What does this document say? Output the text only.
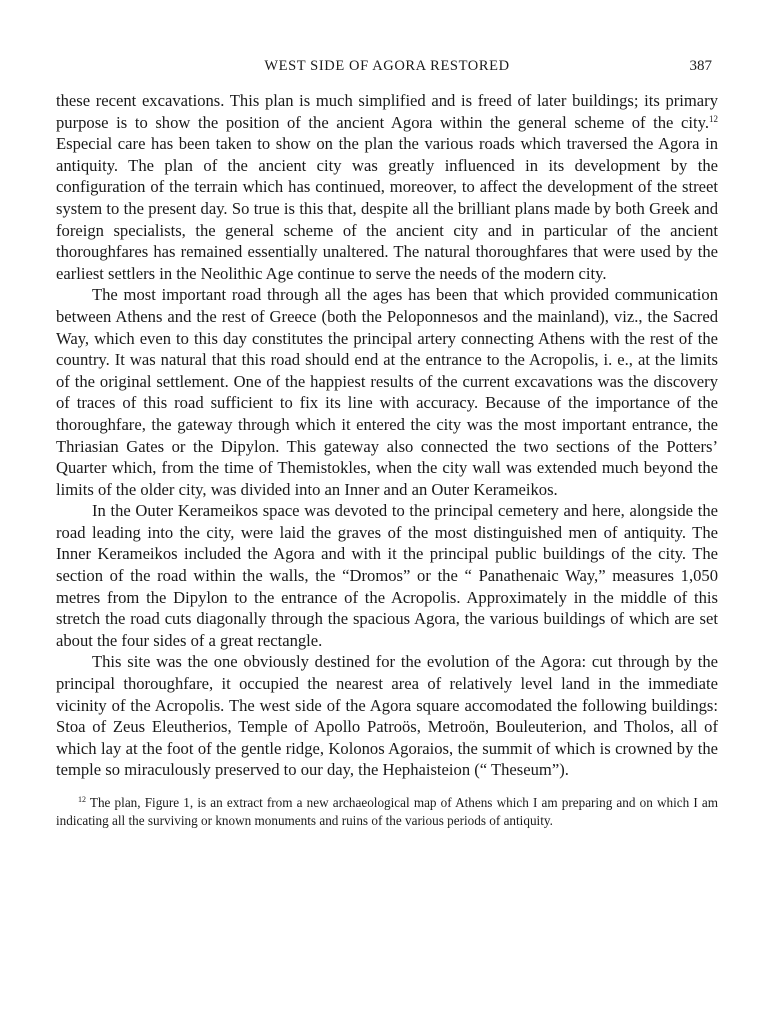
WEST SIDE OF AGORA RESTORED	387

these recent excavations. This plan is much simplified and is freed of later buildings; its primary purpose is to show the position of the ancient Agora within the general scheme of the city.$^{12}$ Especial care has been taken to show on the plan the various roads which traversed the Agora in antiquity. The plan of the ancient city was greatly influenced in its development by the configuration of the terrain which has continued, moreover, to affect the development of the street system to the present day. So true is this that, despite all the brilliant plans made by both Greek and foreign specialists, the general scheme of the ancient city and in particular of the ancient thoroughfares has remained essentially unaltered. The natural thoroughfares that were used by the earliest settlers in the Neolithic Age continue to serve the needs of the modern city.

The most important road through all the ages has been that which provided communication between Athens and the rest of Greece (both the Peloponnesos and the mainland), viz., the Sacred Way, which even to this day constitutes the principal artery connecting Athens with the rest of the country. It was natural that this road should end at the entrance to the Acropolis, i. e., at the limits of the original settlement. One of the happiest results of the current excavations was the discovery of traces of this road sufficient to fix its line with accuracy. Because of the importance of the thoroughfare, the gateway through which it entered the city was the most important entrance, the Thriasian Gates or the Dipylon. This gateway also connected the two sections of the Potters’ Quarter which, from the time of Themistokles, when the city wall was extended much beyond the limits of the older city, was divided into an Inner and an Outer Kerameikos.

In the Outer Kerameikos space was devoted to the principal cemetery and here, alongside the road leading into the city, were laid the graves of the most distinguished men of antiquity. The Inner Kerameikos included the Agora and with it the principal public buildings of the city. The section of the road within the walls, the “Dromos” or the “ Panathenaic Way,” measures 1,050 metres from the Dipylon to the entrance of the Acropolis. Approximately in the middle of this stretch the road cuts diagonally through the spacious Agora, the various buildings of which are set about the four sides of a great rectangle.

This site was the one obviously destined for the evolution of the Agora: cut through by the principal thoroughfare, it occupied the nearest area of relatively level land in the immediate vicinity of the Acropolis. The west side of the Agora square accomodated the following buildings: Stoa of Zeus Eleutherios, Temple of Apollo Patroös, Metroön, Bouleuterion, and Tholos, all of which lay at the foot of the gentle ridge, Kolonos Agoraios, the summit of which is crowned by the temple so miraculously preserved to our day, the Hephaisteion (“ Theseum”).

$^{12}$ The plan, Figure 1, is an extract from a new archaeological map of Athens which I am preparing and on which I am indicating all the surviving or known monuments and ruins of the various periods of antiquity.
